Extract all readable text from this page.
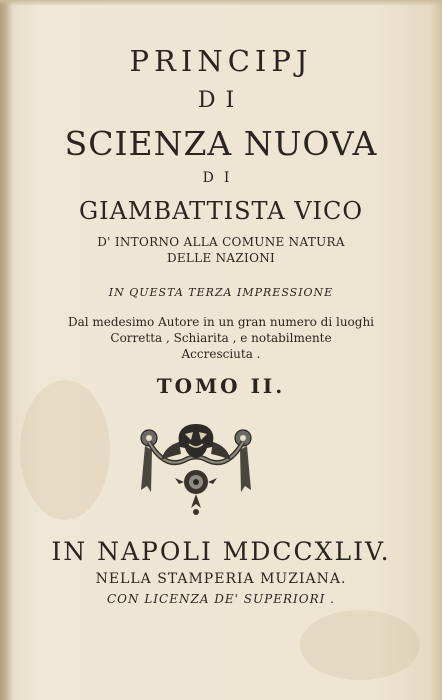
PRINCIPJ
DI
SCIENZA NUOVA
DI
GIAMBATTISTA VICO
D' INTORNO ALLA COMUNE NATURA
DELLE NAZIONI
IN QUESTA TERZA IMPRESSIONE
Dal medesimo Autore in un gran numero di luoghi
Corretta , Schiarita , e notabilmente
Accresciuta .
TOMO II.
IN NAPOLI MDCCXLIV.
NELLA STAMPERIA MUZIANA.
CON LICENZA DE' SUPERIORI .
